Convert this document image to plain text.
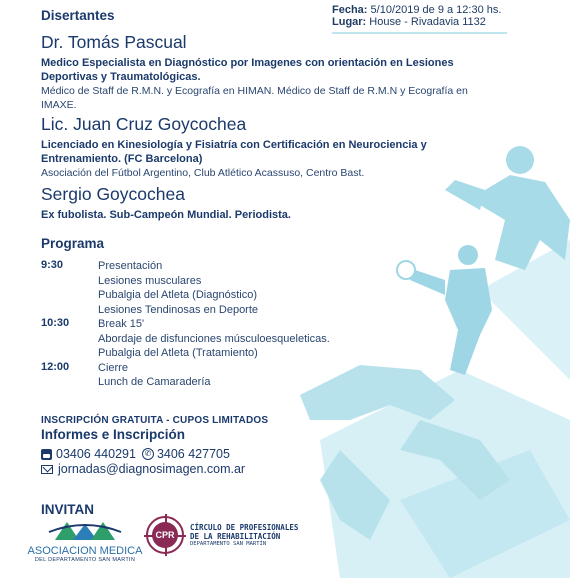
Fecha: 5/10/2019 de 9 a 12:30 hs.
Lugar: House - Rivadavia 1132
Disertantes
Dr. Tomás Pascual
Medico Especialista en Diagnóstico por Imagenes con orientación en Lesiones Deportivas y Traumatológicas.
Médico de Staff de R.M.N. y Ecografía en HIMAN. Médico de Staff de R.M.N y Ecografía en IMAXE.
Lic. Juan Cruz Goycochea
Licenciado en Kinesiología y Fisiatría con Certificación en Neurociencia y Entrenamiento. (FC Barcelona)
Asociación del Fútbol Argentino, Club Atlético Acassuso, Centro Bast.
Sergio Goycochea
Ex fubolista. Sub-Campeón Mundial. Periodista.
Programa
9:30	Presentación
Lesiones musculares
Pubalgia del Atleta (Diagnóstico)
Lesiones Tendinosas en Deporte
10:30	Break 15'
Abordaje de disfunciones músculoesqueleticas.
Pubalgia del Atleta (Tratamiento)
12:00	Cierre
Lunch de Camaradería
INSCRIPCIÓN GRATUITA - CUPOS LIMITADOS
Informes e Inscripción
03406 440291	✆ 3406 427705
jornadas@diagnosimagen.com.ar
INVITAN
ASOCIACION MEDICA
DEL DEPARTAMENTO SAN MARTIN
CPR
CÍRCULO DE PROFESIONALES
DE LA REHABILITACIÓN
DEPARTAMENTO SAN MARTÍN
